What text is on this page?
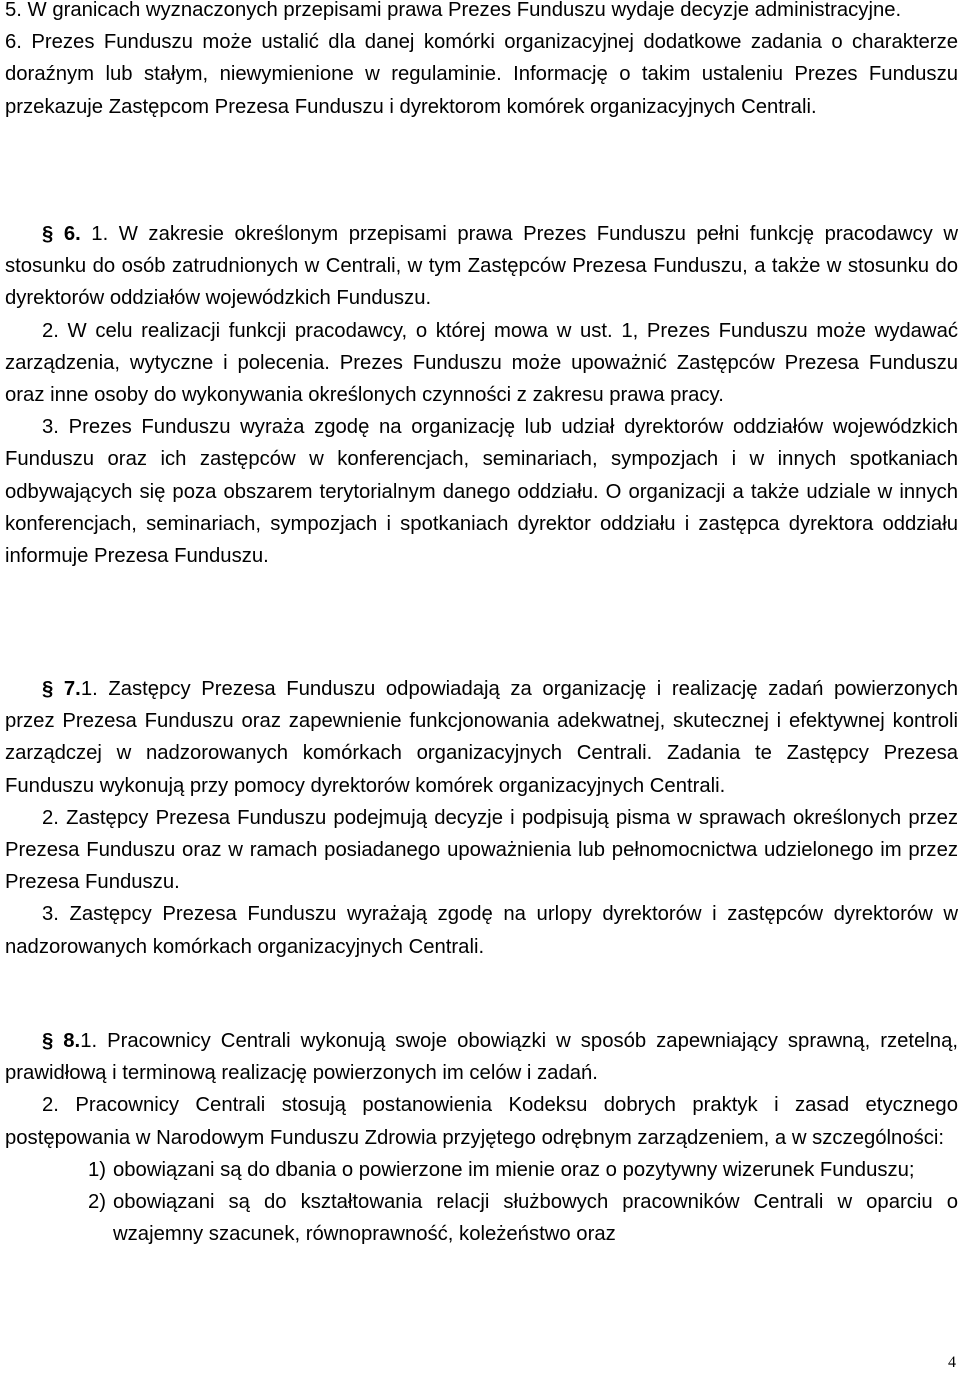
5. W granicach wyznaczonych przepisami prawa Prezes Funduszu wydaje decyzje administracyjne.

6. Prezes Funduszu może ustalić dla danej komórki organizacyjnej dodatkowe zadania o charakterze doraźnym lub stałym, niewymienione w regulaminie. Informację o takim ustaleniu Prezes Funduszu przekazuje Zastępcom Prezesa Funduszu i dyrektorom komórek organizacyjnych Centrali.

§ 6. 1. W zakresie określonym przepisami prawa Prezes Funduszu pełni funkcję pracodawcy w stosunku do osób zatrudnionych w Centrali, w tym Zastępców Prezesa Funduszu, a także w stosunku do dyrektorów oddziałów wojewódzkich Funduszu.

2. W celu realizacji funkcji pracodawcy, o której mowa w ust. 1, Prezes Funduszu może wydawać zarządzenia, wytyczne i polecenia. Prezes Funduszu może upoważnić Zastępców Prezesa Funduszu oraz inne osoby do wykonywania określonych czynności z zakresu prawa pracy.

3. Prezes Funduszu wyraża zgodę na organizację lub udział dyrektorów oddziałów wojewódzkich Funduszu oraz ich zastępców w konferencjach, seminariach, sympozjach i w innych spotkaniach odbywających się poza obszarem terytorialnym danego oddziału. O organizacji a także udziale w innych konferencjach, seminariach, sympozjach i spotkaniach dyrektor oddziału i zastępca dyrektora oddziału informuje Prezesa Funduszu.

§ 7.1. Zastępcy Prezesa Funduszu odpowiadają za organizację i realizację zadań powierzonych przez Prezesa Funduszu oraz zapewnienie funkcjonowania adekwatnej, skutecznej i efektywnej kontroli zarządczej w nadzorowanych komórkach organizacyjnych Centrali. Zadania te Zastępcy Prezesa Funduszu wykonują przy pomocy dyrektorów komórek organizacyjnych Centrali.

2. Zastępcy Prezesa Funduszu podejmują decyzje i podpisują pisma w sprawach określonych przez Prezesa Funduszu oraz w ramach posiadanego upoważnienia lub pełnomocnictwa udzielonego im przez Prezesa Funduszu.

3. Zastępcy Prezesa Funduszu wyrażają zgodę na urlopy dyrektorów i zastępców dyrektorów w nadzorowanych komórkach organizacyjnych Centrali.

§ 8.1. Pracownicy Centrali wykonują swoje obowiązki w sposób zapewniający sprawną, rzetelną, prawidłową i terminową realizację powierzonych im celów i zadań.

2. Pracownicy Centrali stosują postanowienia Kodeksu dobrych praktyk i zasad etycznego postępowania w Narodowym Funduszu Zdrowia przyjętego odrębnym zarządzeniem, a w szczególności:

1) obowiązani są do dbania o powierzone im mienie oraz o pozytywny wizerunek Funduszu;
2) obowiązani są do kształtowania relacji służbowych pracowników Centrali w oparciu o wzajemny szacunek, równoprawność, koleżeństwo oraz
4
